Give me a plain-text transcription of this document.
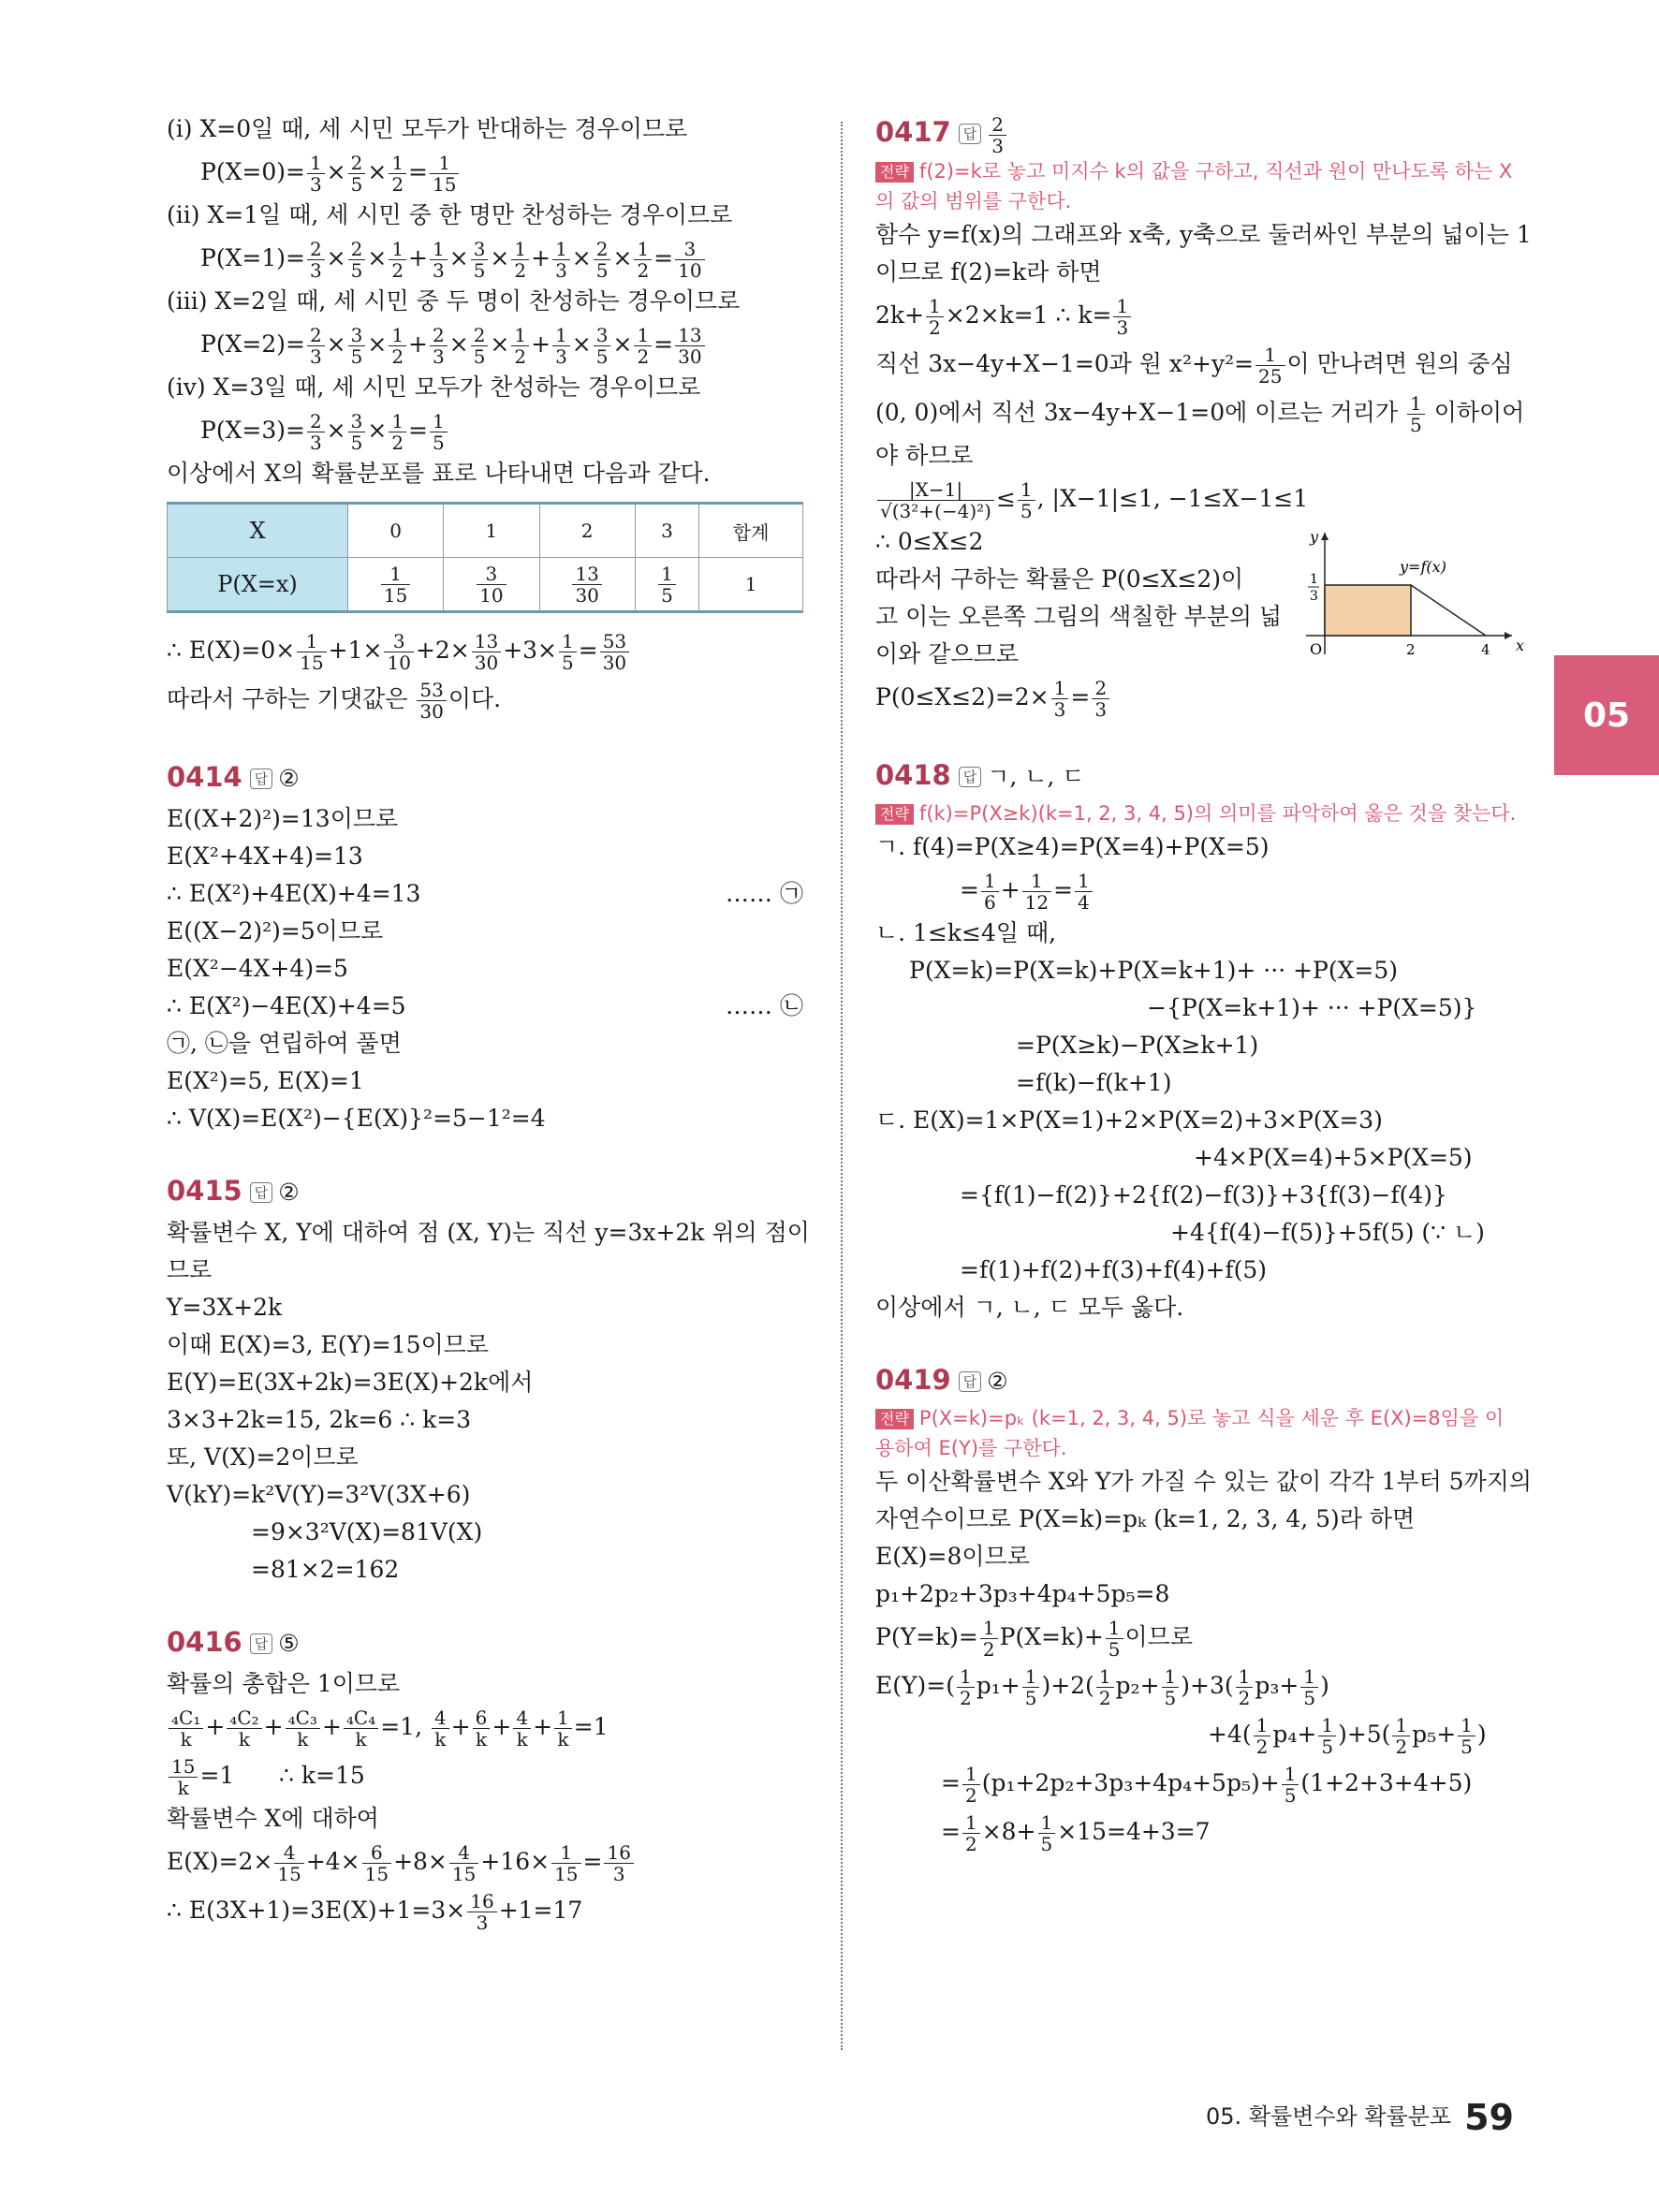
(ⅰ) X=0일 때, 세 시민 모두가 반대하는 경우이므로
$P(X=0)= \frac{1}{3} \times \frac{2}{5} \times \frac{1}{2} = \frac{1}{15}$
(ⅱ) X=1일 때, 세 시민 중 한 명만 찬성하는 경우이므로
$P(X=1)= \frac{2}{3} \times \frac{2}{5} \times \frac{1}{2} + \frac{1}{3} \times \frac{3}{5} \times \frac{1}{2} + \frac{1}{3} \times \frac{2}{5} \times \frac{1}{2} = \frac{3}{10}$
(ⅲ) X=2일 때, 세 시민 중 두 명이 찬성하는 경우이므로
$P(X=2)= \frac{2}{3} \times \frac{3}{5} \times \frac{1}{2} + \frac{2}{3} \times \frac{2}{5} \times \frac{1}{2} + \frac{1}{3} \times \frac{3}{5} \times \frac{1}{2} = \frac{13}{30}$
(ⅳ) X=3일 때, 세 시민 모두가 찬성하는 경우이므로
$P(X=3)= \frac{2}{3} \times \frac{3}{5} \times \frac{1}{2} = \frac{1}{5}$
이상에서 X의 확률분포를 표로 나타내면 다음과 같다.
X	0	1	2	3	합계
P(X=x)	$\frac{1}{15}$	$\frac{3}{10}$	$\frac{13}{30}$	$\frac{1}{5}$	1
∴ $E(X)=0\times \frac{1}{15} +1\times \frac{3}{10} +2\times \frac{13}{30} +3\times \frac{1}{5} = \frac{53}{30}$
따라서 구하는 기댓값은 $\frac{53}{30}$ 이다.
0414 답 ②
E((X+2)²)=13이므로
E(X²+4X+4)=13
∴ E(X²)+4E(X)+4=13	…… ㉠
E((X−2)²)=5이므로
E(X²−4X+4)=5
∴ E(X²)−4E(X)+4=5	…… ㉡
㉠, ㉡을 연립하여 풀면
E(X²)=5, E(X)=1
∴ V(X)=E(X²)−{E(X)}²=5−1²=4
0415 답 ②
확률변수 X, Y에 대하여 점 (X, Y)는 직선 y=3x+2k 위의 점이
므로
Y=3X+2k
이때 E(X)=3, E(Y)=15이므로
E(Y)=E(3X+2k)=3E(X)+2k에서
3×3+2k=15, 2k=6 ∴ k=3
또, V(X)=2이므로
V(kY)=k²V(Y)=3²V(3X+6)
=9×3²V(X)=81V(X)
=81×2=162
0416 답 ⑤
확률의 총합은 1이므로
$\frac{\text{₄C₁}}{k} + \frac{\text{₄C₂}}{k} + \frac{\text{₄C₃}}{k} + \frac{\text{₄C₄}}{k} =1$, $\frac{4}{k} + \frac{6}{k} + \frac{4}{k} + \frac{1}{k} =1$
$\frac{15}{k} =1$      ∴ k=15
확률변수 X에 대하여
$E(X)=2\times \frac{4}{15} +4\times \frac{6}{15} +8\times \frac{4}{15} +16\times \frac{1}{15} = \frac{16}{3}$
∴ $E(3X+1)=3E(X)+1=3\times \frac{16}{3} +1=17$
0417 답 $\frac{2}{3}$
전략 f(2)=k로 놓고 미지수 k의 값을 구하고, 직선과 원이 만나도록 하는 X의 값의 범위를 구한다.
함수 y=f(x)의 그래프와 x축, y축으로 둘러싸인 부분의 넓이는 1
이므로 f(2)=k라 하면
$2k+ \frac{1}{2} \times 2\times k=1$ ∴ $k= \frac{1}{3}$
직선 3x−4y+X−1=0과 원 $x^2+y^2= \frac{1}{25}$ 이 만나려면 원의 중심
(0, 0)에서 직선 3x−4y+X−1=0에 이르는 거리가 $\frac{1}{5}$ 이하이어
야 하므로
$\frac{|X-1|}{\text{√(3²+(−4)²)}} \le \frac{1}{5}$ , |X−1|≤1, −1≤X−1≤1
∴ 0≤X≤2
따라서 구하는 확률은 P(0≤X≤2)이
고 이는 오른쪽 그림의 색칠한 부분의 넓
이와 같으므로
$P(0\le X\le 2)=2\times \frac{1}{3} = \frac{2}{3}$
y
x
y=f(x)
O	2	4
1
3
0418 답 ㄱ, ㄴ, ㄷ
전략 f(k)=P(X≥k)(k=1, 2, 3, 4, 5)의 의미를 파악하여 옳은 것을 찾는다.
ㄱ. f(4)=P(X≥4)=P(X=4)+P(X=5)
= $\frac{1}{6} + \frac{1}{12} = \frac{1}{4}$
ㄴ. 1≤k≤4일 때,
P(X=k)=P(X=k)+P(X=k+1)+ ··· +P(X=5)
−{P(X=k+1)+ ··· +P(X=5)}
=P(X≥k)−P(X≥k+1)
=f(k)−f(k+1)
ㄷ. E(X)=1×P(X=1)+2×P(X=2)+3×P(X=3)
+4×P(X=4)+5×P(X=5)
={f(1)−f(2)}+2{f(2)−f(3)}+3{f(3)−f(4)}
+4{f(4)−f(5)}+5f(5) (∵ ㄴ)
=f(1)+f(2)+f(3)+f(4)+f(5)
이상에서 ㄱ, ㄴ, ㄷ 모두 옳다.
0419 답 ②
전략 P(X=k)=pₖ (k=1, 2, 3, 4, 5)로 놓고 식을 세운 후 E(X)=8임을 이용하여 E(Y)를 구한다.
두 이산확률변수 X와 Y가 가질 수 있는 값이 각각 1부터 5까지의
자연수이므로 P(X=k)=pₖ (k=1, 2, 3, 4, 5)라 하면
E(X)=8이므로
p₁+2p₂+3p₃+4p₄+5p₅=8
$P(Y=k)= \frac{1}{2} P(X=k)+ \frac{1}{5}$ 이므로
$E(Y)=( \frac{1}{2} p_1+ \frac{1}{5} )+2( \frac{1}{2} p_2+ \frac{1}{5} )+3( \frac{1}{2} p_3+ \frac{1}{5}$ )
$+4( \frac{1}{2} p_4+ \frac{1}{5} )+5( \frac{1}{2} p_5+ \frac{1}{5}$ )
= $\frac{1}{2} (p_1+2p_2+3p_3+4p_4+5p_5)+ \frac{1}{5} (1+2+3+4+5)$
= $\frac{1}{2} \times 8+ \frac{1}{5} \times 15=4+3=7$
05
05. 확률변수와 확률분포 59
